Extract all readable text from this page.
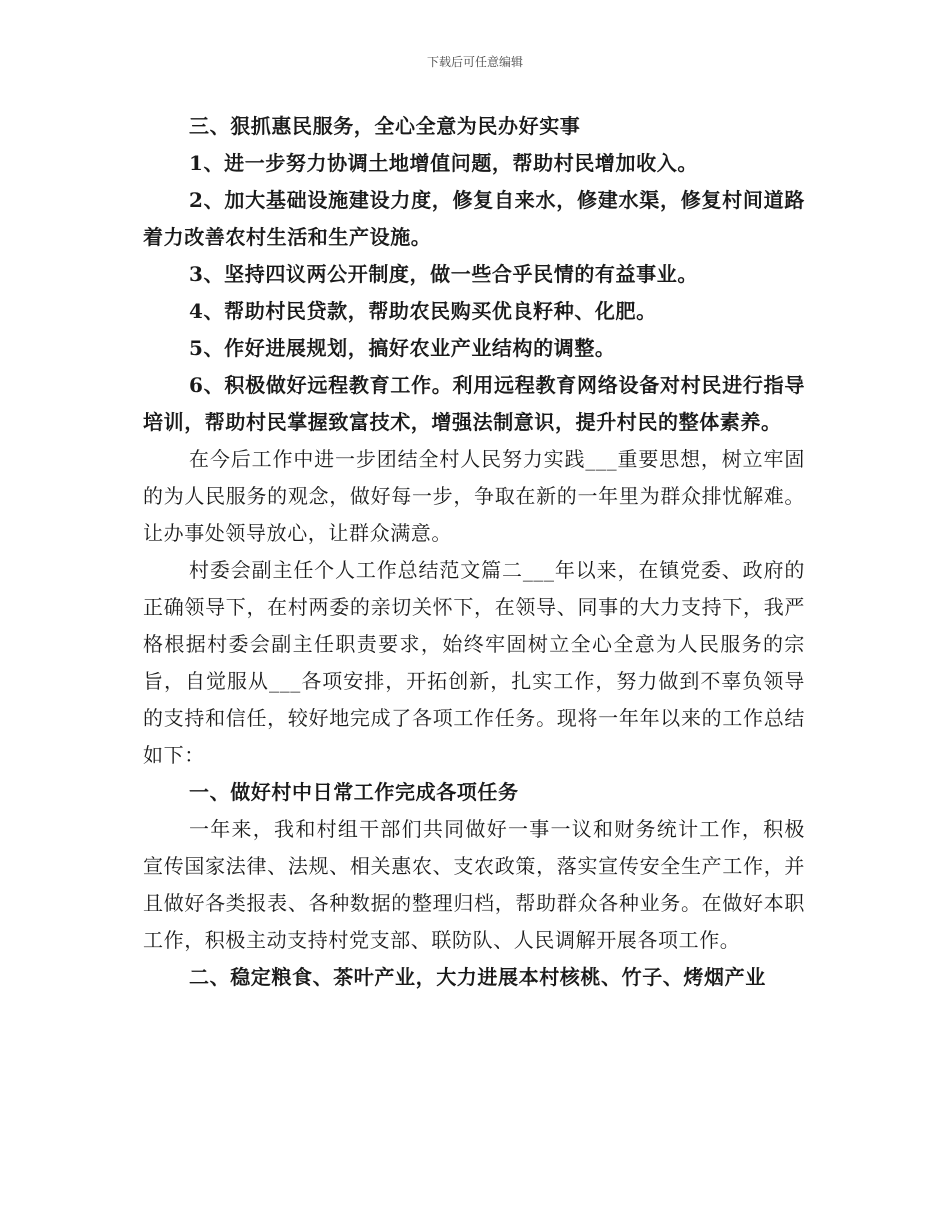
下载后可任意编辑

三、狠抓惠民服务，全心全意为民办好实事

1、进一步努力协调土地增值问题，帮助村民增加收入。

2、加大基础设施建设力度，修复自来水，修建水渠，修复村间道路着力改善农村生活和生产设施。

3、坚持四议两公开制度，做一些合乎民情的有益事业。

4、帮助村民贷款，帮助农民购买优良籽种、化肥。

5、作好进展规划，搞好农业产业结构的调整。

6、积极做好远程教育工作。利用远程教育网络设备对村民进行指导培训，帮助村民掌握致富技术，增强法制意识，提升村民的整体素养。

在今后工作中进一步团结全村人民努力实践___重要思想，树立牢固的为人民服务的观念，做好每一步，争取在新的一年里为群众排忧解难。让办事处领导放心，让群众满意。

村委会副主任个人工作总结范文篇二___年以来，在镇党委、政府的正确领导下，在村两委的亲切关怀下，在领导、同事的大力支持下，我严格根据村委会副主任职责要求，始终牢固树立全心全意为人民服务的宗旨，自觉服从___各项安排，开拓创新，扎实工作，努力做到不辜负领导的支持和信任，较好地完成了各项工作任务。现将一年年以来的工作总结如下：

一、做好村中日常工作完成各项任务

一年来，我和村组干部们共同做好一事一议和财务统计工作，积极宣传国家法律、法规、相关惠农、支农政策，落实宣传安全生产工作，并且做好各类报表、各种数据的整理归档，帮助群众各种业务。在做好本职工作，积极主动支持村党支部、联防队、人民调解开展各项工作。

二、稳定粮食、茶叶产业，大力进展本村核桃、竹子、烤烟产业
